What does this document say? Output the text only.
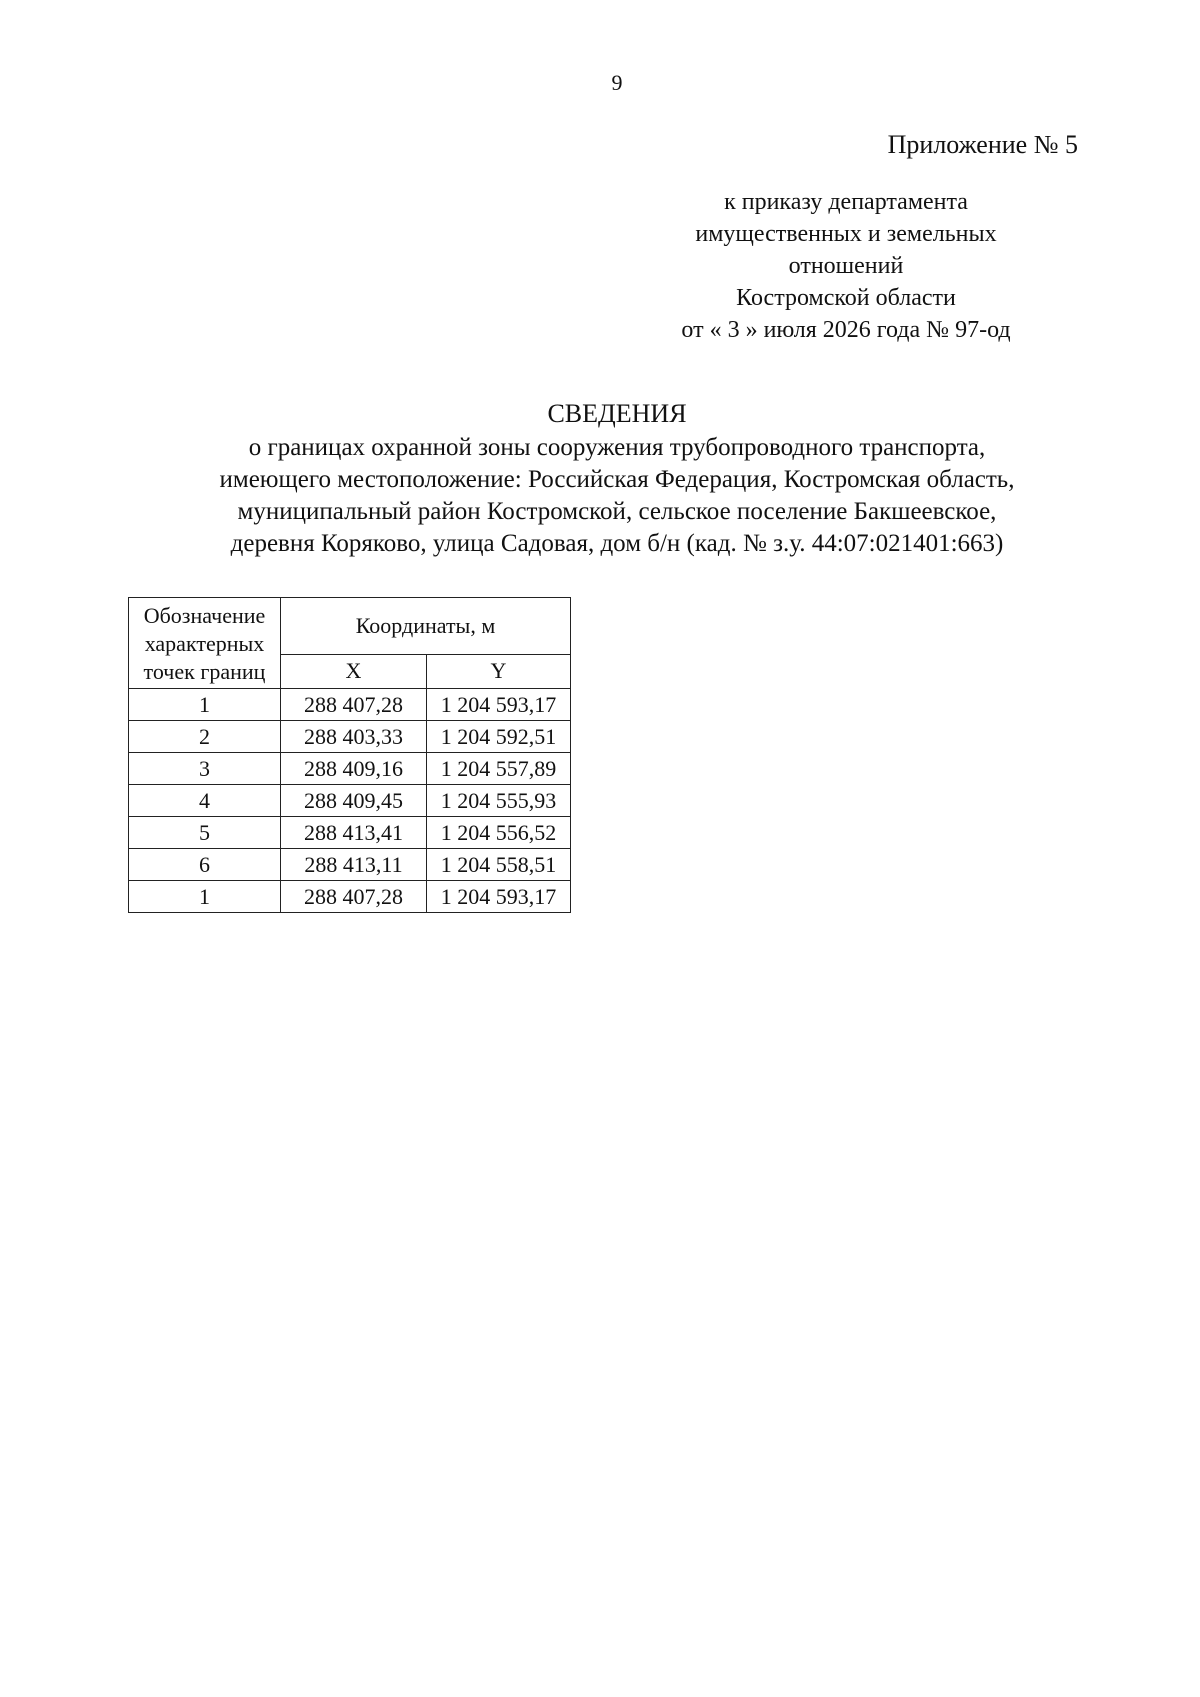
9
Приложение № 5
к приказу департамента
имущественных и земельных
отношений
Костромской области
от « 3 » июля 2026 года № 97-од
СВЕДЕНИЯ
о границах охранной зоны сооружения трубопроводного транспорта,
имеющего местоположение: Российская Федерация, Костромская область,
муниципальный район Костромской, сельское поселение Бакшеевское,
деревня Коряково, улица Садовая, дом б/н (кад. № з.у. 44:07:021401:663)
Обозначение
характерных
точек границ	Координаты, м	
	X	Y
1	288 407,28	1 204 593,17
2	288 403,33	1 204 592,51
3	288 409,16	1 204 557,89
4	288 409,45	1 204 555,93
5	288 413,41	1 204 556,52
6	288 413,11	1 204 558,51
1	288 407,28	1 204 593,17
